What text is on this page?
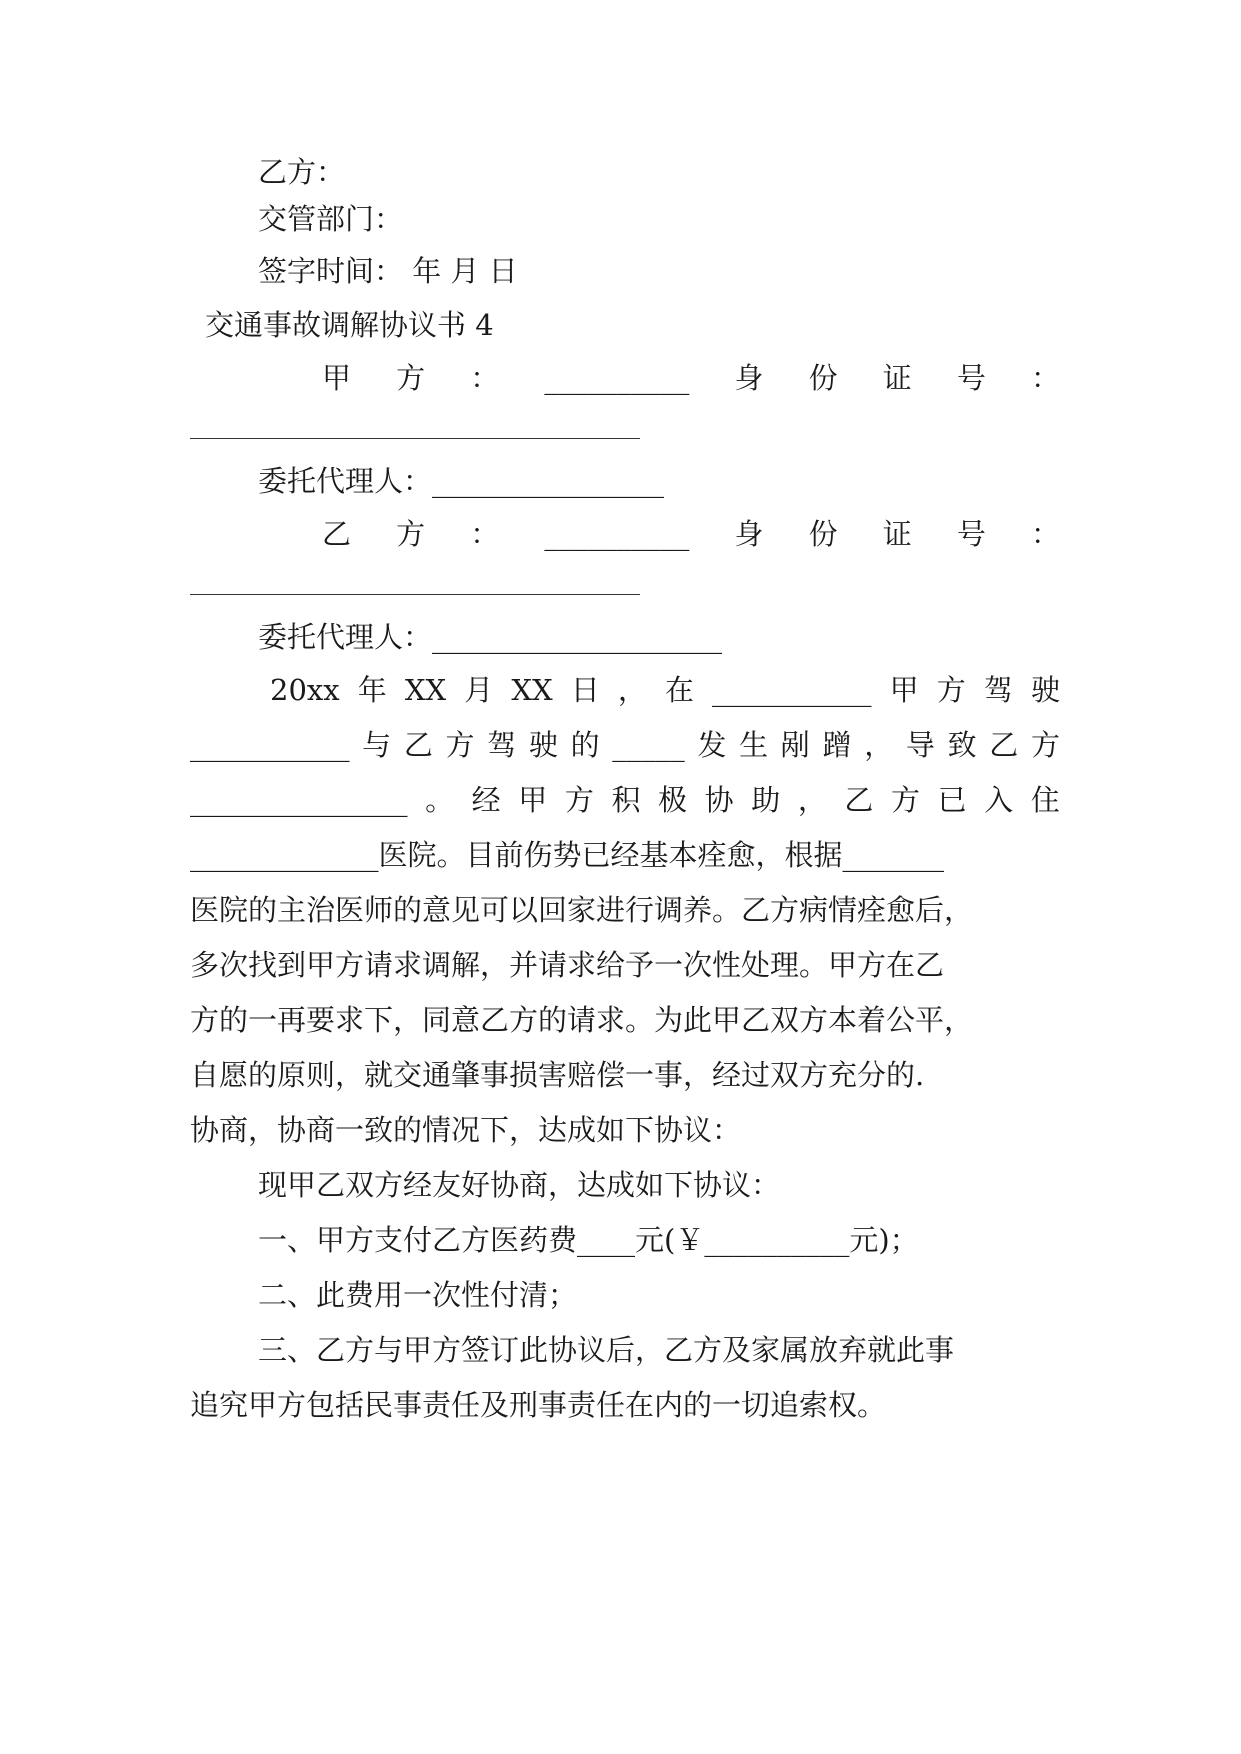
乙方：
交管部门：
签字时间： 年 月 日
交通事故调解协议书 4
甲 方 ： __________ 身 份 证 号 ：
委托代理人：________________
乙 方 ： __________ 身 份 证 号 ：
委托代理人：____________________
20xx 年 XX 月 XX 日 ， 在 ___________ 甲 方 驾 驶
___________ 与 乙 方 驾 驶 的 _____ 发 生 剐 蹭 ， 导 致 乙 方
_______________ 。 经 甲 方 积 极 协 助 ， 乙 方 已 入 住
_____________医院。目前伤势已经基本痊愈，根据_______
医院的主治医师的意见可以回家进行调养。乙方病情痊愈后，
多次找到甲方请求调解，并请求给予一次性处理。甲方在乙
方的一再要求下，同意乙方的请求。为此甲乙双方本着公平，
自愿的原则，就交通肇事损害赔偿一事，经过双方充分的.
协商，协商一致的情况下，达成如下协议：
现甲乙双方经友好协商，达成如下协议：
一、甲方支付乙方医药费____元(￥__________元)；
二、此费用一次性付清；
三、乙方与甲方签订此协议后，乙方及家属放弃就此事
追究甲方包括民事责任及刑事责任在内的一切追索权。
